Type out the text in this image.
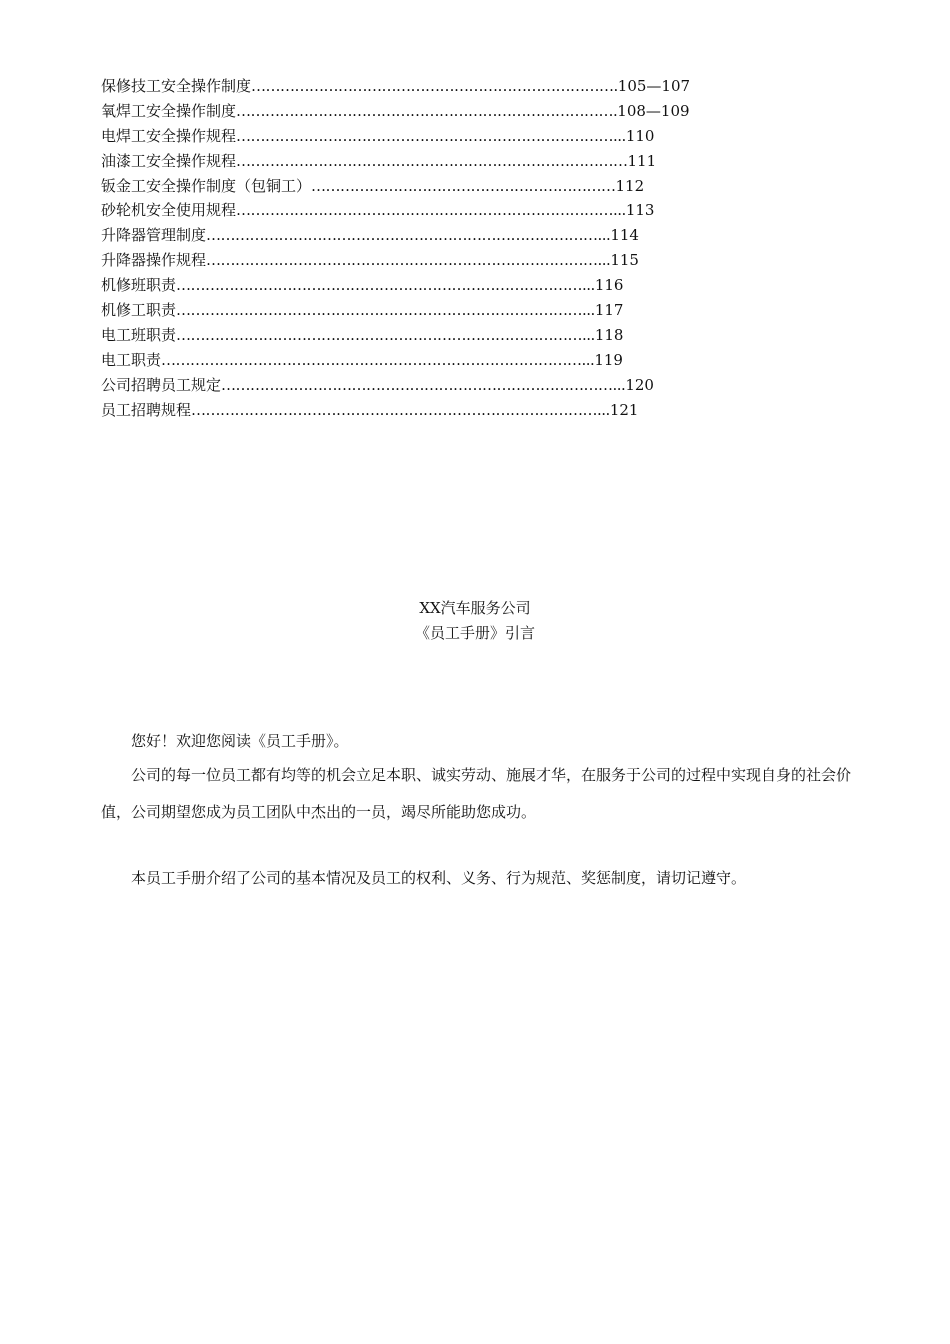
保修技工安全操作制度………………………………………………………………….105—107
氧焊工安全操作制度…………………………………………………………………….108—109
电焊工安全操作规程……………………………………………………………………...110
油漆工安全操作规程………………………………………………………………………111
钣金工安全操作制度（包铜工）………………………………………………………112
砂轮机安全使用规程……………………………………………………………………...113
升降器管理制度………………………………………………………………………...114
升降器操作规程………………………………………………………………………...115
机修班职责…………………………………………………………………………...116
机修工职责…………………………………………………………………………...117
电工班职责…………………………………………………………………………...118
电工职责……………………………………………………………………………...119
公司招聘员工规定………………………………………………………………………...120
员工招聘规程…………………………………………………………………………...121
XX汽车服务公司
《员工手册》引言

您好！欢迎您阅读《员工手册》。

公司的每一位员工都有均等的机会立足本职、诚实劳动、施展才华，在服务于公司的过程中实现自身的社会价值，公司期望您成为员工团队中杰出的一员，竭尽所能助您成功。

本员工手册介绍了公司的基本情况及员工的权利、义务、行为规范、奖惩制度，请切记遵守。
